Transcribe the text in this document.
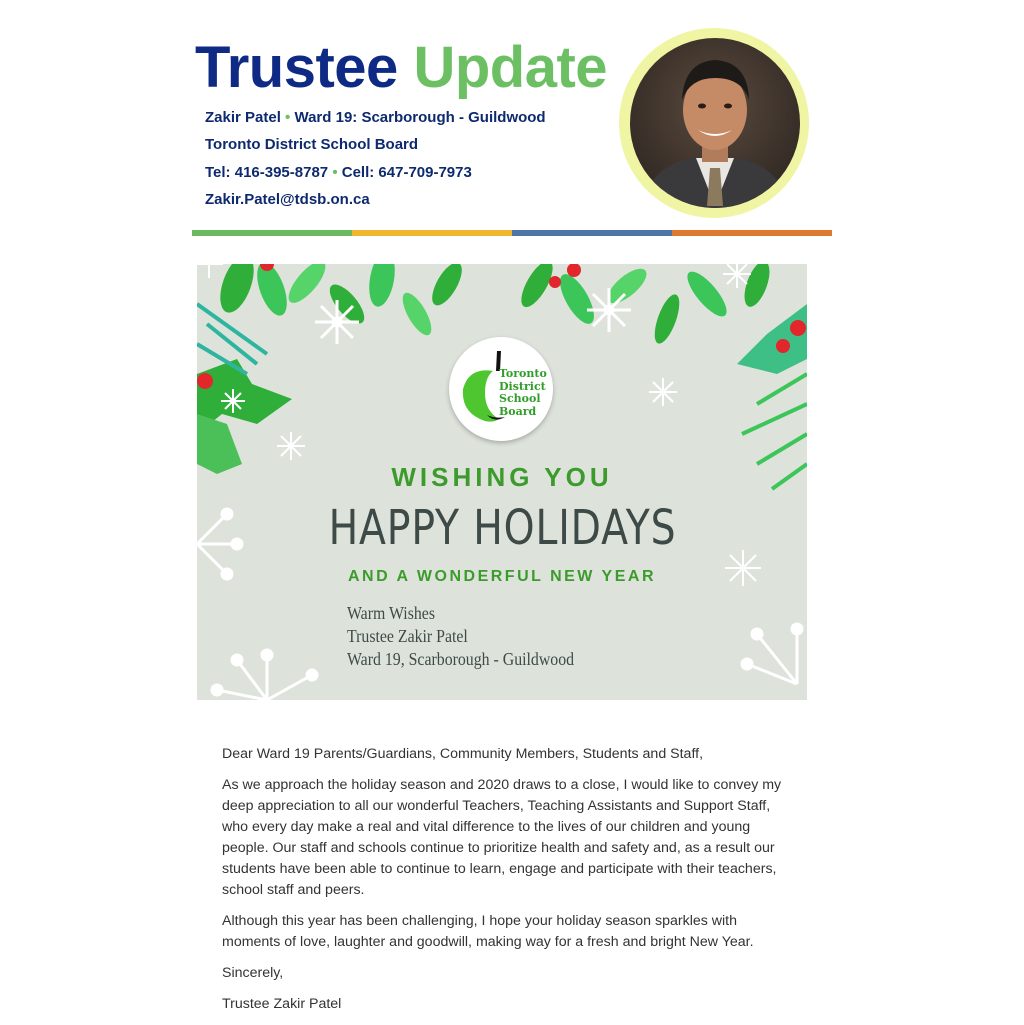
Trustee Update
Zakir Patel • Ward 19: Scarborough - Guildwood
Toronto District School Board
Tel: 416-395-8787 • Cell: 647-709-7973
Zakir.Patel@tdsb.on.ca
Toronto
District
School
Board
WISHING YOU
HAPPY HOLIDAYS
AND A WONDERFUL NEW YEAR
Warm Wishes
Trustee Zakir Patel
Ward 19, Scarborough - Guildwood

Dear Ward 19 Parents/Guardians, Community Members, Students and Staff,

As we approach the holiday season and 2020 draws to a close, I would like to convey my deep appreciation to all our wonderful Teachers, Teaching Assistants and Support Staff, who every day make a real and vital difference to the lives of our children and young people. Our staff and schools continue to prioritize health and safety and, as a result our students have been able to continue to learn, engage and participate with their teachers, school staff and peers.

Although this year has been challenging, I hope your holiday season sparkles with moments of love, laughter and goodwill, making way for a fresh and bright New Year.

Sincerely,

Trustee Zakir Patel
